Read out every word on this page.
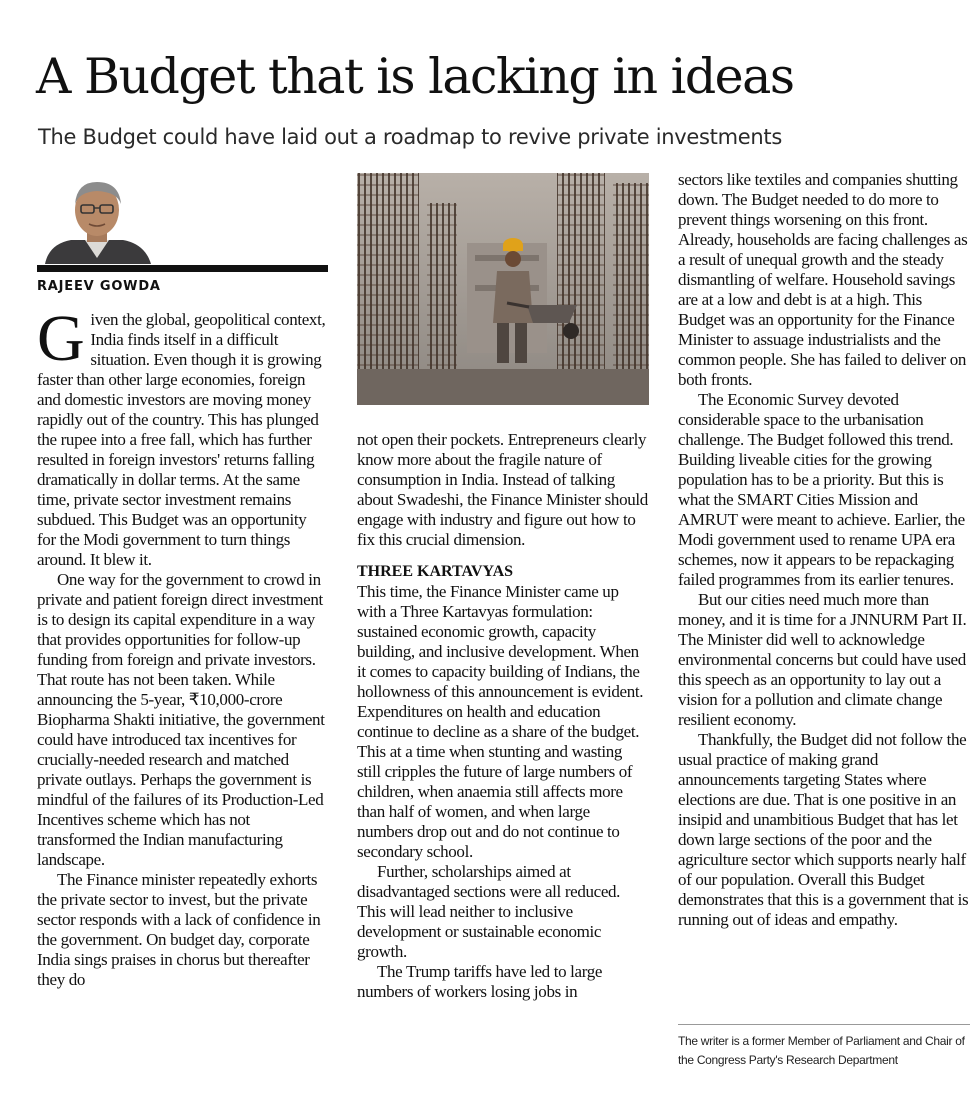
A Budget that is lacking in ideas
The Budget could have laid out a roadmap to revive private investments

RAJEEV GOWDA

Given the global, geopolitical context, India finds itself in a difficult situation. Even though it is growing faster than other large economies, foreign and domestic investors are moving money rapidly out of the country. This has plunged the rupee into a free fall, which has further resulted in foreign investors' returns falling dramatically in dollar terms. At the same time, private sector investment remains subdued. This Budget was an opportunity for the Modi government to turn things around. It blew it.

One way for the government to crowd in private and patient foreign direct investment is to design its capital expenditure in a way that provides opportunities for follow-up funding from foreign and private investors. That route has not been taken. While announcing the 5-year, ₹10,000-crore Biopharma Shakti initiative, the government could have introduced tax incentives for crucially-needed research and matched private outlays. Perhaps the government is mindful of the failures of its Production-Led Incentives scheme which has not transformed the Indian manufacturing landscape.

The Finance minister repeatedly exhorts the private sector to invest, but the private sector responds with a lack of confidence in the government. On budget day, corporate India sings praises in chorus but thereafter they do

not open their pockets. Entrepreneurs clearly know more about the fragile nature of consumption in India. Instead of talking about Swadeshi, the Finance Minister should engage with industry and figure out how to fix this crucial dimension.

THREE KARTAVYAS

This time, the Finance Minister came up with a Three Kartavyas formulation: sustained economic growth, capacity building, and inclusive development. When it comes to capacity building of Indians, the hollowness of this announcement is evident. Expenditures on health and education continue to decline as a share of the budget. This at a time when stunting and wasting still cripples the future of large numbers of children, when anaemia still affects more than half of women, and when large numbers drop out and do not continue to secondary school.

Further, scholarships aimed at disadvantaged sections were all reduced. This will lead neither to inclusive development or sustainable economic growth.

The Trump tariffs have led to large numbers of workers losing jobs in

sectors like textiles and companies shutting down. The Budget needed to do more to prevent things worsening on this front. Already, households are facing challenges as a result of unequal growth and the steady dismantling of welfare. Household savings are at a low and debt is at a high. This Budget was an opportunity for the Finance Minister to assuage industrialists and the common people. She has failed to deliver on both fronts.

The Economic Survey devoted considerable space to the urbanisation challenge. The Budget followed this trend. Building liveable cities for the growing population has to be a priority. But this is what the SMART Cities Mission and AMRUT were meant to achieve. Earlier, the Modi government used to rename UPA era schemes, now it appears to be repackaging failed programmes from its earlier tenures.

But our cities need much more than money, and it is time for a JNNURM Part II. The Minister did well to acknowledge environmental concerns but could have used this speech as an opportunity to lay out a vision for a pollution and climate change resilient economy.

Thankfully, the Budget did not follow the usual practice of making grand announcements targeting States where elections are due. That is one positive in an insipid and unambitious Budget that has let down large sections of the poor and the agriculture sector which supports nearly half of our population. Overall this Budget demonstrates that this is a government that is running out of ideas and empathy.

The writer is a former Member of Parliament and Chair of the Congress Party's Research Department
